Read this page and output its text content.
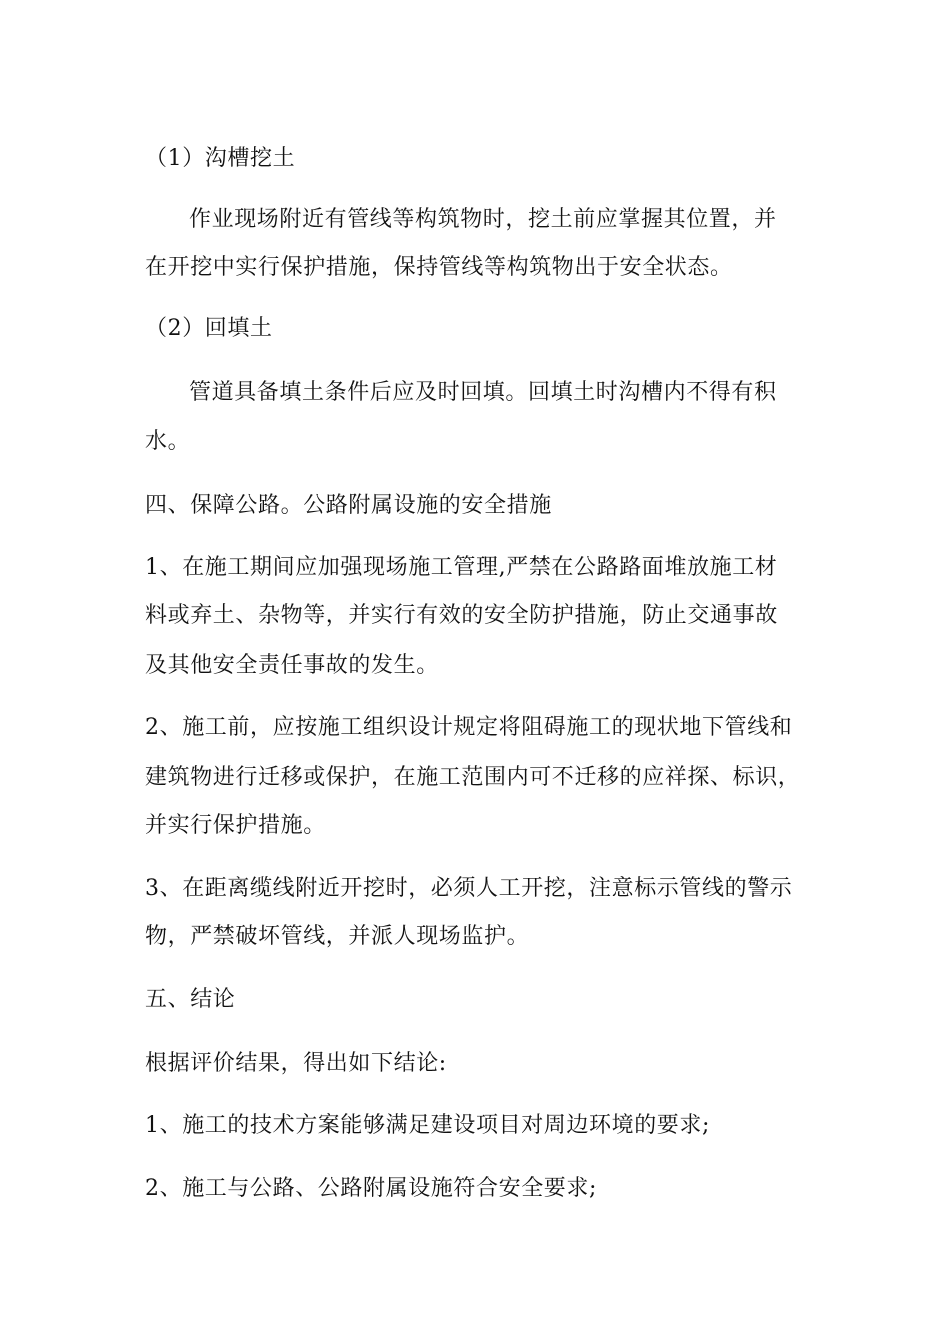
（1）沟槽挖土
作业现场附近有管线等构筑物时，挖土前应掌握其位置，并
在开挖中实行保护措施，保持管线等构筑物出于安全状态。
（2）回填土
管道具备填土条件后应及时回填。回填土时沟槽内不得有积
水。
四、保障公路。公路附属设施的安全措施
1、在施工期间应加强现场施工管理,严禁在公路路面堆放施工材
料或弃土、杂物等，并实行有效的安全防护措施，防止交通事故
及其他安全责任事故的发生。
2、施工前，应按施工组织设计规定将阻碍施工的现状地下管线和
建筑物进行迁移或保护，在施工范围内可不迁移的应祥探、标识，
并实行保护措施。
3、在距离缆线附近开挖时，必须人工开挖，注意标示管线的警示
物，严禁破坏管线，并派人现场监护。
五、结论
根据评价结果，得出如下结论:
1、施工的技术方案能够满足建设项目对周边环境的要求;
2、施工与公路、公路附属设施符合安全要求;
